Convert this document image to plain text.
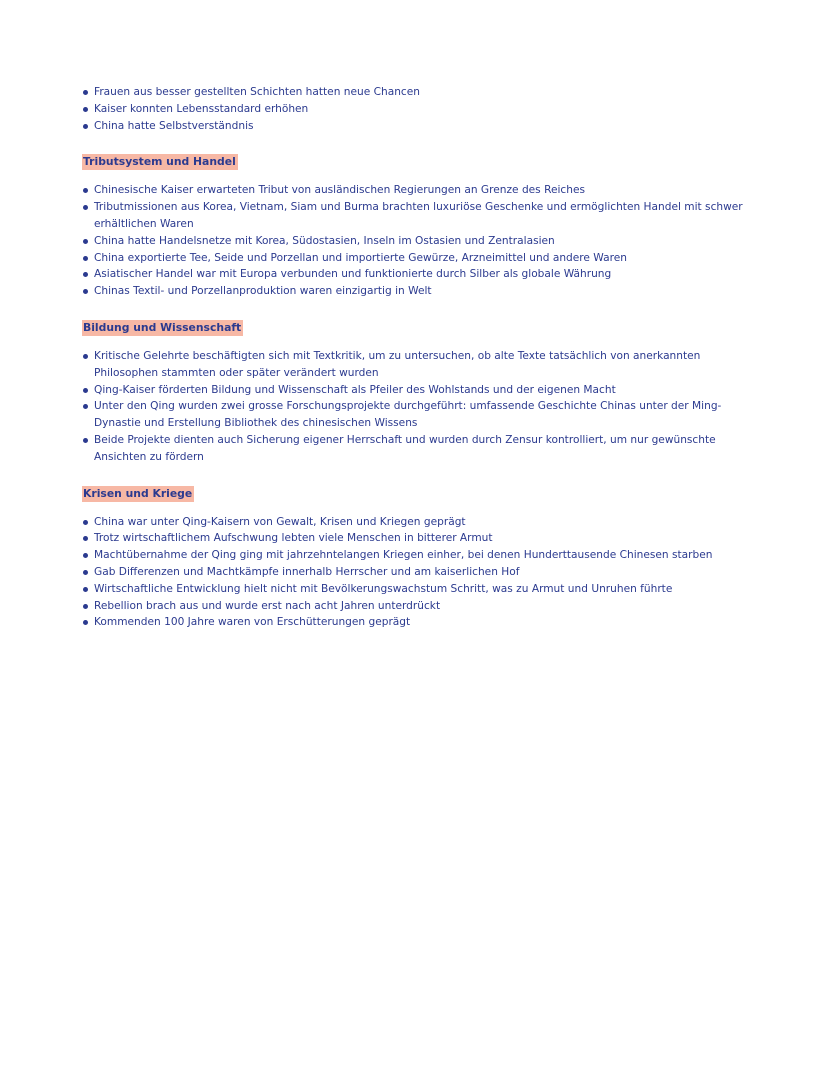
Frauen aus besser gestellten Schichten hatten neue Chancen
Kaiser konnten Lebensstandard erhöhen
China hatte Selbstverständnis
Tributsystem und Handel
Chinesische Kaiser erwarteten Tribut von ausländischen Regierungen an Grenze des Reiches
Tributmissionen aus Korea, Vietnam, Siam und Burma brachten luxuriöse Geschenke und ermöglichten Handel mit schwer erhältlichen Waren
China hatte Handelsnetze mit Korea, Südostasien, Inseln im Ostasien und Zentralasien
China exportierte Tee, Seide und Porzellan und importierte Gewürze, Arzneimittel und andere Waren
Asiatischer Handel war mit Europa verbunden und funktionierte durch Silber als globale Währung
Chinas Textil- und Porzellanproduktion waren einzigartig in Welt
Bildung und Wissenschaft
Kritische Gelehrte beschäftigten sich mit Textkritik, um zu untersuchen, ob alte Texte tatsächlich von anerkannten Philosophen stammten oder später verändert wurden
Qing-Kaiser förderten Bildung und Wissenschaft als Pfeiler des Wohlstands und der eigenen Macht
Unter den Qing wurden zwei grosse Forschungsprojekte durchgeführt: umfassende Geschichte Chinas unter der Ming-Dynastie und Erstellung Bibliothek des chinesischen Wissens
Beide Projekte dienten auch Sicherung eigener Herrschaft und wurden durch Zensur kontrolliert, um nur gewünschte Ansichten zu fördern
Krisen und Kriege
China war unter Qing-Kaisern von Gewalt, Krisen und Kriegen geprägt
Trotz wirtschaftlichem Aufschwung lebten viele Menschen in bitterer Armut
Machtübernahme der Qing ging mit jahrzehntelangen Kriegen einher, bei denen Hunderttausende Chinesen starben
Gab Differenzen und Machtkämpfe innerhalb Herrscher und am kaiserlichen Hof
Wirtschaftliche Entwicklung hielt nicht mit Bevölkerungswachstum Schritt, was zu Armut und Unruhen führte
Rebellion brach aus und wurde erst nach acht Jahren unterdrückt
Kommenden 100 Jahre waren von Erschütterungen geprägt
